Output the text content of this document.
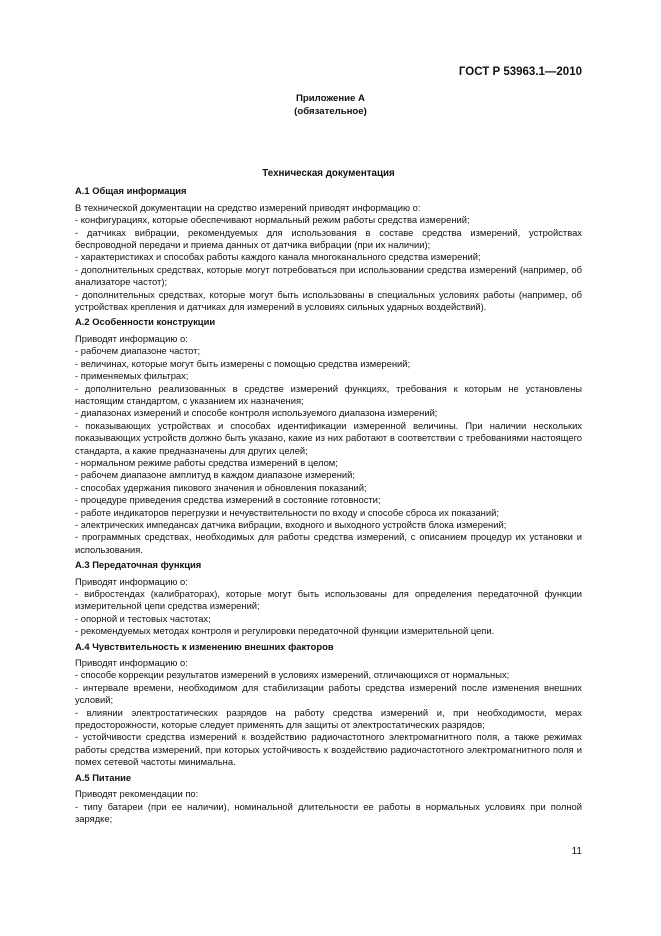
ГОСТ Р 53963.1—2010
Приложение А
(обязательное)
Техническая документация
А.1 Общая информация
В технической документации на средство измерений приводят информацию о:
- конфигурациях, которые обеспечивают нормальный режим работы средства измерений;
- датчиках вибрации, рекомендуемых для использования в составе средства измерений, устройствах беспроводной передачи и приема данных от датчика вибрации (при их наличии);
- характеристиках и способах работы каждого канала многоканального средства измерений;
- дополнительных средствах, которые могут потребоваться при использовании средства измерений (например, об анализаторе частот);
- дополнительных средствах, которые могут быть использованы в специальных условиях работы (например, об устройствах крепления и датчиках для измерений в условиях сильных ударных воздействий).
А.2 Особенности конструкции
Приводят информацию о:
- рабочем диапазоне частот;
- величинах, которые могут быть измерены с помощью средства измерений;
- применяемых фильтрах;
- дополнительно реализованных в средстве измерений функциях, требования к которым не установлены настоящим стандартом, с указанием их назначения;
- диапазонах измерений и способе контроля используемого диапазона измерений;
- показывающих устройствах и способах идентификации измеренной величины. При наличии нескольких показывающих устройств должно быть указано, какие из них работают в соответствии с требованиями настоящего стандарта, а какие предназначены для других целей;
- нормальном режиме работы средства измерений в целом;
- рабочем диапазоне амплитуд в каждом диапазоне измерений;
- способах удержания пикового значения и обновления показаний;
- процедуре приведения средства измерений в состояние готовности;
- работе индикаторов перегрузки и нечувствительности по входу и способе сброса их показаний;
- электрических импедансах датчика вибрации, входного и выходного устройств блока измерений;
- программных средствах, необходимых для работы средства измерений, с описанием процедур их установки и использования.
А.3 Передаточная функция
Приводят информацию о:
- вибростендах (калибраторах), которые могут быть использованы для определения передаточной функции измерительной цепи средства измерений;
- опорной и тестовых частотах;
- рекомендуемых методах контроля и регулировки передаточной функции измерительной цепи.
А.4 Чувствительность к изменению внешних факторов
Приводят информацию о:
- способе коррекции результатов измерений в условиях измерений, отличающихся от нормальных;
- интервале времени, необходимом для стабилизации работы средства измерений после изменения внешних условий;
- влиянии электростатических разрядов на работу средства измерений и, при необходимости, мерах предосторожности, которые следует применять для защиты от электростатических разрядов;
- устойчивости средства измерений к воздействию радиочастотного электромагнитного поля, а также режимах работы средства измерений, при которых устойчивость к воздействию радиочастотного электромагнитного поля и помех сетевой частоты минимальна.
А.5 Питание
Приводят рекомендации по:
- типу батареи (при ее наличии), номинальной длительности ее работы в нормальных условиях при полной зарядке;
11
